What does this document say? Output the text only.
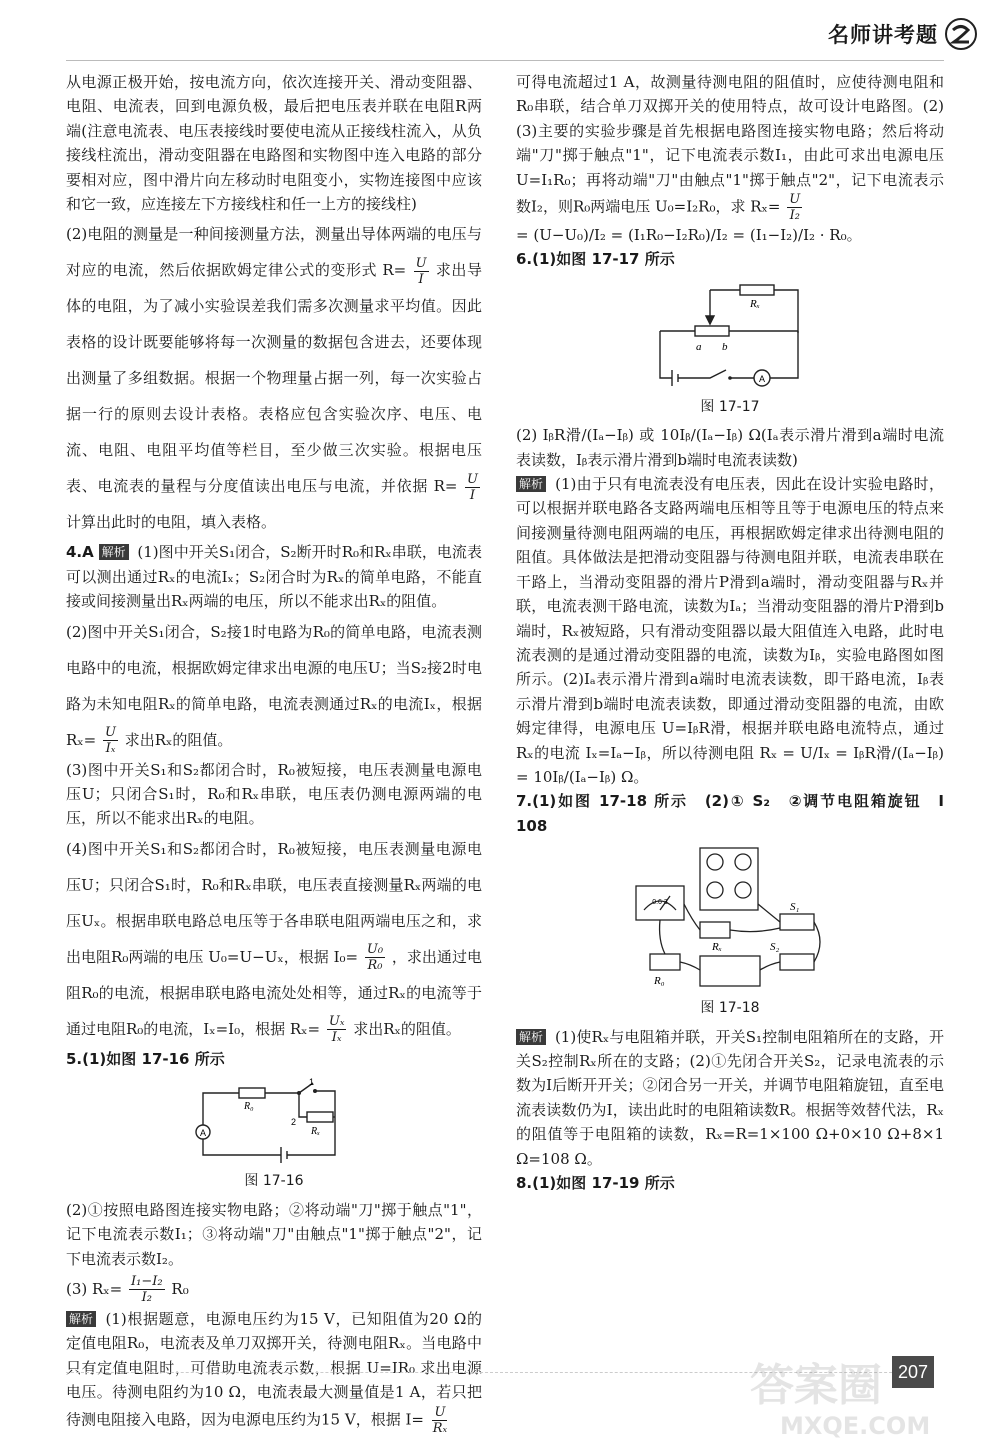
名师讲考题

从电源正极开始，按电流方向，依次连接开关、滑动变阻器、电阻、电流表，回到电源负极，最后把电压表并联在电阻R两端(注意电流表、电压表接线时要使电流从正接线柱流入，从负接线柱流出，滑动变阻器在电路图和实物图中连入电路的部分要相对应，图中滑片向左移动时电阻变小，实物连接图中应该和它一致，应连接左下方接线柱和任一上方的接线柱)

(2)电阻的测量是一种间接测量方法，测量出导体两端的电压与对应的电流，然后依据欧姆定律公式的变形式 $R= \frac{U}{I}$ 求出导体的电阻，为了减小实验误差我们需多次测量求平均值。因此表格的设计既要能够将每一次测量的数据包含进去，还要体现出测量了多组数据。根据一个物理量占据一列，每一次实验占据一行的原则去设计表格。表格应包含实验次序、电压、电流、电阻、电阻平均值等栏目，至少做三次实验。根据电压表、电流表的量程与分度值读出电压与电流，并依据 $R= \frac{U}{I}$
计算出此时的电阻，填入表格。

4.A 解析 (1)图中开关S₁闭合，S₂断开时R₀和Rₓ串联，电流表可以测出通过Rₓ的电流Iₓ；S₂闭合时为Rₓ的简单电路，不能直接或间接测量出Rₓ两端的电压，所以不能求出Rₓ的阻值。

(2)图中开关S₁闭合，S₂接1时电路为R₀的简单电路，电流表测电路中的电流，根据欧姆定律求出电源的电压U；当S₂接2时电路为未知电阻Rₓ的简单电路，电流表测通过Rₓ的电流Iₓ，根据 $R_x= \frac{U}{\text{Iₓ}}$ 求出Rₓ的阻值。

(3)图中开关S₁和S₂都闭合时，R₀被短接，电压表测量电源电压U；只闭合S₁时，R₀和Rₓ串联，电压表仍测电源两端的电压，所以不能求出Rₓ的电阻。

(4)图中开关S₁和S₂都闭合时，R₀被短接，电压表测量电源电压U；只闭合S₁时，R₀和Rₓ串联，电压表直接测量Rₓ两端的电压Uₓ。根据串联电路总电压等于各串联电阻两端电压之和，求出电阻R₀两端的电压 U₀=U−Uₓ，根据 $I_0= \frac{\text{U₀}}{\text{R₀}}$ ，求出通过电阻R₀的电流，根据串联电路电流处处相等，通过Rₓ的电流等于通过电阻R₀的电流，Iₓ=I₀，根据 $R_x= \frac{\text{Uₓ}}{\text{Iₓ}}$ 求出Rₓ的阻值。

5.(1)如图 17-16 所示

A
R₀
Rₓ
1
2
图 17-16

(2)①按照电路图连接实物电路；②将动端"刀"掷于触点"1"，记下电流表示数I₁；③将动端"刀"由触点"1"掷于触点"2"，记下电流表示数I₂。

(3) $R_x= \frac{\text{I₁−I₂}}{\text{I₂}} R_0$

解析 (1)根据题意，电源电压约为15 V，已知阻值为20 Ω的定值电阻R₀，电流表及单刀双掷开关，待测电阻Rₓ。当电路中只有定值电阻时，可借助电流表示数，根据 U=IR₀ 求出电源电压。待测电阻约为10 Ω，电流表最大测量值是1 A，若只把待测电阻接入电路，因为电源电压约为15 V，根据 $I= \frac{U}{\text{Rₓ}}$

可得电流超过1 A，故测量待测电阻的阻值时，应使待测电阻和R₀串联，结合单刀双掷开关的使用特点，故可设计电路图。(2)(3)主要的实验步骤是首先根据电路图连接实物电路；然后将动端"刀"掷于触点"1"，记下电流表示数I₁，由此可求出电源电压 U=I₁R₀；再将动端"刀"由触点"1"掷于触点"2"，记下电流表示数I₂，则R₀两端电压 U₀=I₂R₀，求 $R_x= \frac{U}{\text{I₂}}$

= (U−U₀)/I₂ = (I₁R₀−I₂R₀)/I₂ = (I₁−I₂)/I₂ · R₀。

6.(1)如图 17-17 所示

Rₓ
a b
A
图 17-17

(2) IᵦR滑/(Iₐ−Iᵦ) 或 10Iᵦ/(Iₐ−Iᵦ) Ω(Iₐ表示滑片滑到a端时电流表读数，Iᵦ表示滑片滑到b端时电流表读数)

解析 (1)由于只有电流表没有电压表，因此在设计实验电路时，可以根据并联电路各支路两端电压相等且等于电源电压的特点来间接测量待测电阻两端的电压，再根据欧姆定律求出待测电阻的阻值。具体做法是把滑动变阻器与待测电阻并联，电流表串联在干路上，当滑动变阻器的滑片P滑到a端时，滑动变阻器与Rₓ并联，电流表测干路电流，读数为Iₐ；当滑动变阻器的滑片P滑到b端时，Rₓ被短路，只有滑动变阻器以最大阻值连入电路，此时电流表测的是通过滑动变阻器的电流，读数为Iᵦ，实验电路图如图所示。(2)Iₐ表示滑片滑到a端时电流表读数，即干路电流，Iᵦ表示滑片滑到b端时电流表读数，即通过滑动变阻器的电流，由欧姆定律得，电源电压 U=IᵦR滑，根据并联电路电流特点，通过Rₓ的电流 Iₓ=Iₐ−Iᵦ，所以待测电阻 Rₓ = U/Iₓ = IᵦR滑/(Iₐ−Iᵦ) = 10Iᵦ/(Iₐ−Iᵦ) Ω。

7.(1)如图 17-18 所示　(2)① S₂　②调节电阻箱旋钮　I　108

0.6 3
Rₓ
R₀
S₁
S₂
图 17-18

解析 (1)使Rₓ与电阻箱并联，开关S₁控制电阻箱所在的支路，开关S₂控制Rₓ所在的支路；(2)①先闭合开关S₂，记录电流表的示数为I后断开开关；②闭合另一开关，并调节电阻箱旋钮，直至电流表读数仍为I，读出此时的电阻箱读数R。根据等效替代法，Rₓ的阻值等于电阻箱的读数，Rₓ=R=1×100 Ω+0×10 Ω+8×1 Ω=108 Ω。

8.(1)如图 17-19 所示

答案圈
MXQE.COM
207
